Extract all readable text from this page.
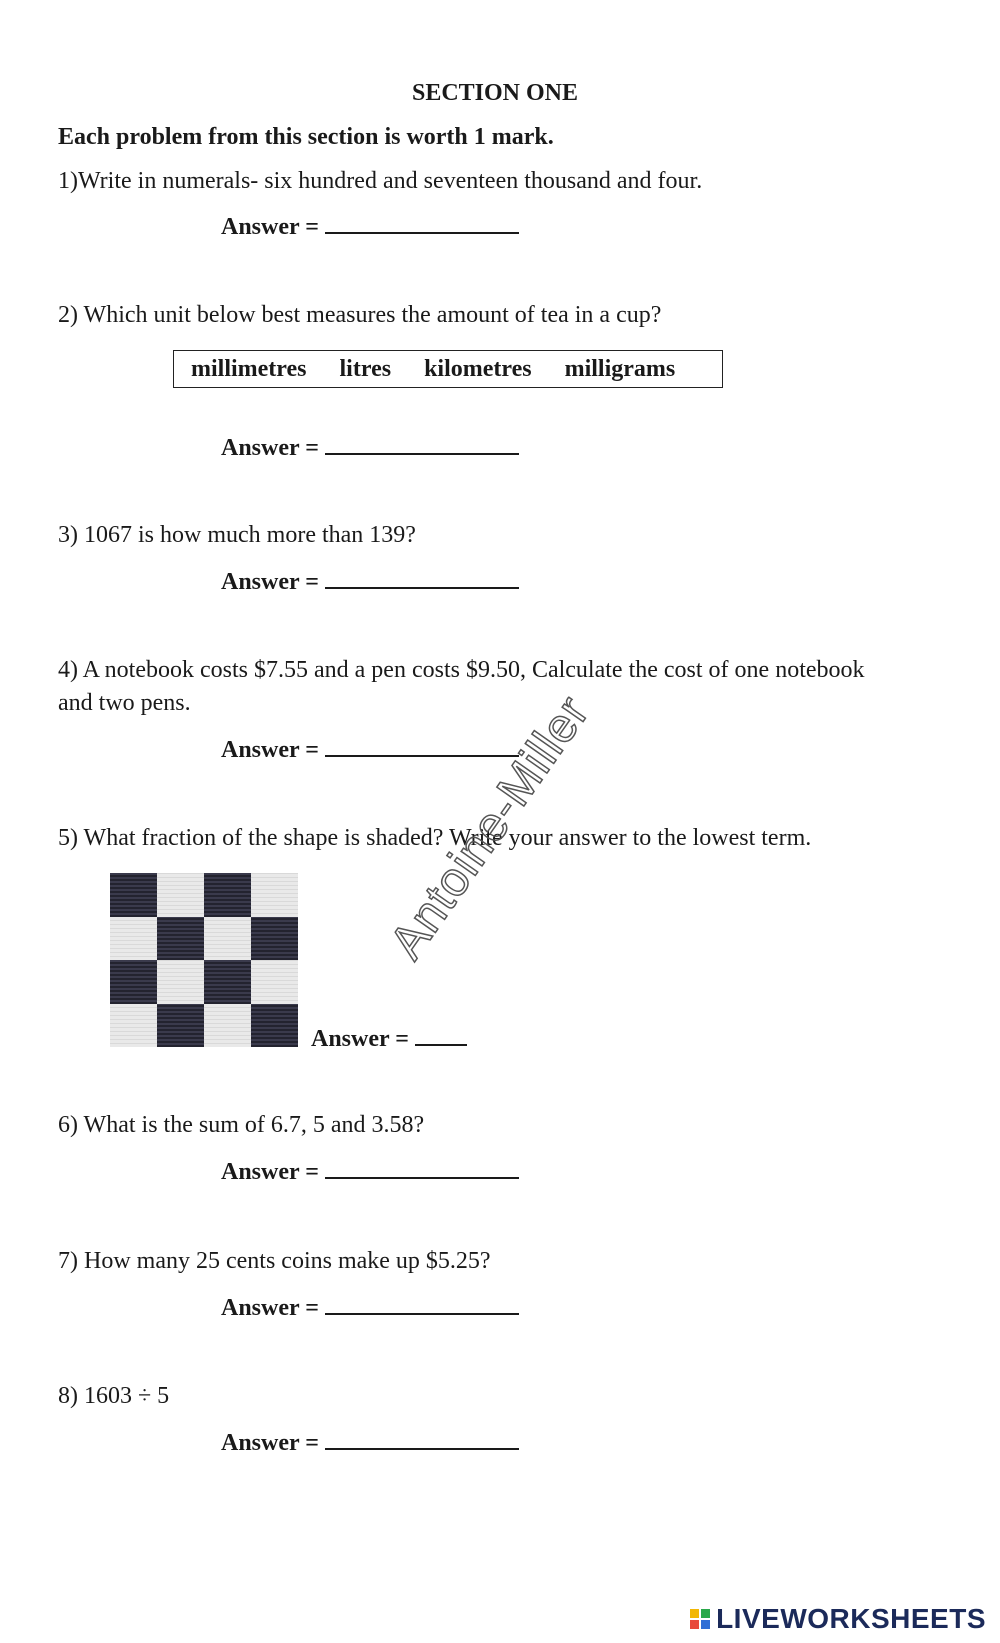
SECTION ONE
Each problem from this section is worth 1 mark.
1)Write in numerals- six hundred and seventeen thousand and four.
Answer =
2) Which unit below best measures the amount of tea in a cup?
millimetres litres kilometres milligrams
Answer =
3) 1067 is how much more than 139?
Answer =
4) A notebook costs $7.55 and a pen costs $9.50, Calculate the cost of one notebook
and two pens.
Answer =
5) What fraction of the shape is shaded? Write your answer to the lowest term.
Answer =
6) What is the sum of 6.7, 5 and 3.58?
Answer =
7) How many 25 cents coins make up $5.25?
Answer =
8) 1603 ÷ 5
Answer =
Antoine-Miller
LIVEWORKSHEETS
